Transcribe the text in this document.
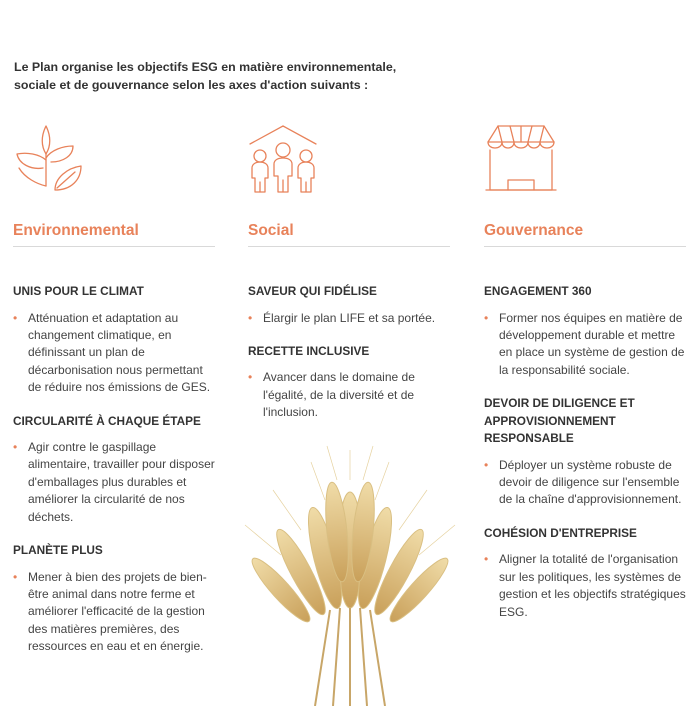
Le Plan organise les objectifs ESG en matière environnementale, sociale et de gouvernance selon les axes d'action suivants :
Environnemental
UNIS POUR LE CLIMAT
• Atténuation et adaptation au changement climatique, en définissant un plan de décarbonisation nous permettant de réduire nos émissions de GES.
CIRCULARITÉ À CHAQUE ÉTAPE
• Agir contre le gaspillage alimentaire, travailler pour disposer d'emballages plus durables et améliorer la circularité de nos déchets.
PLANÈTE PLUS
• Mener à bien des projets de bien-être animal dans notre ferme et améliorer l'efficacité de la gestion des matières premières, des ressources en eau et en énergie.
Social
SAVEUR QUI FIDÉLISE
• Élargir le plan LIFE et sa portée.
RECETTE INCLUSIVE
• Avancer dans le domaine de l'égalité, de la diversité et de l'inclusion.
Gouvernance
ENGAGEMENT 360
• Former nos équipes en matière de développement durable et mettre en place un système de gestion de la responsabilité sociale.
DEVOIR DE DILIGENCE ET APPROVISIONNEMENT RESPONSABLE
• Déployer un système robuste de devoir de diligence sur l'ensemble de la chaîne d'approvisionnement.
COHÉSION D'ENTREPRISE
• Aligner la totalité de l'organisation sur les politiques, les systèmes de gestion et les objectifs stratégiques ESG.
